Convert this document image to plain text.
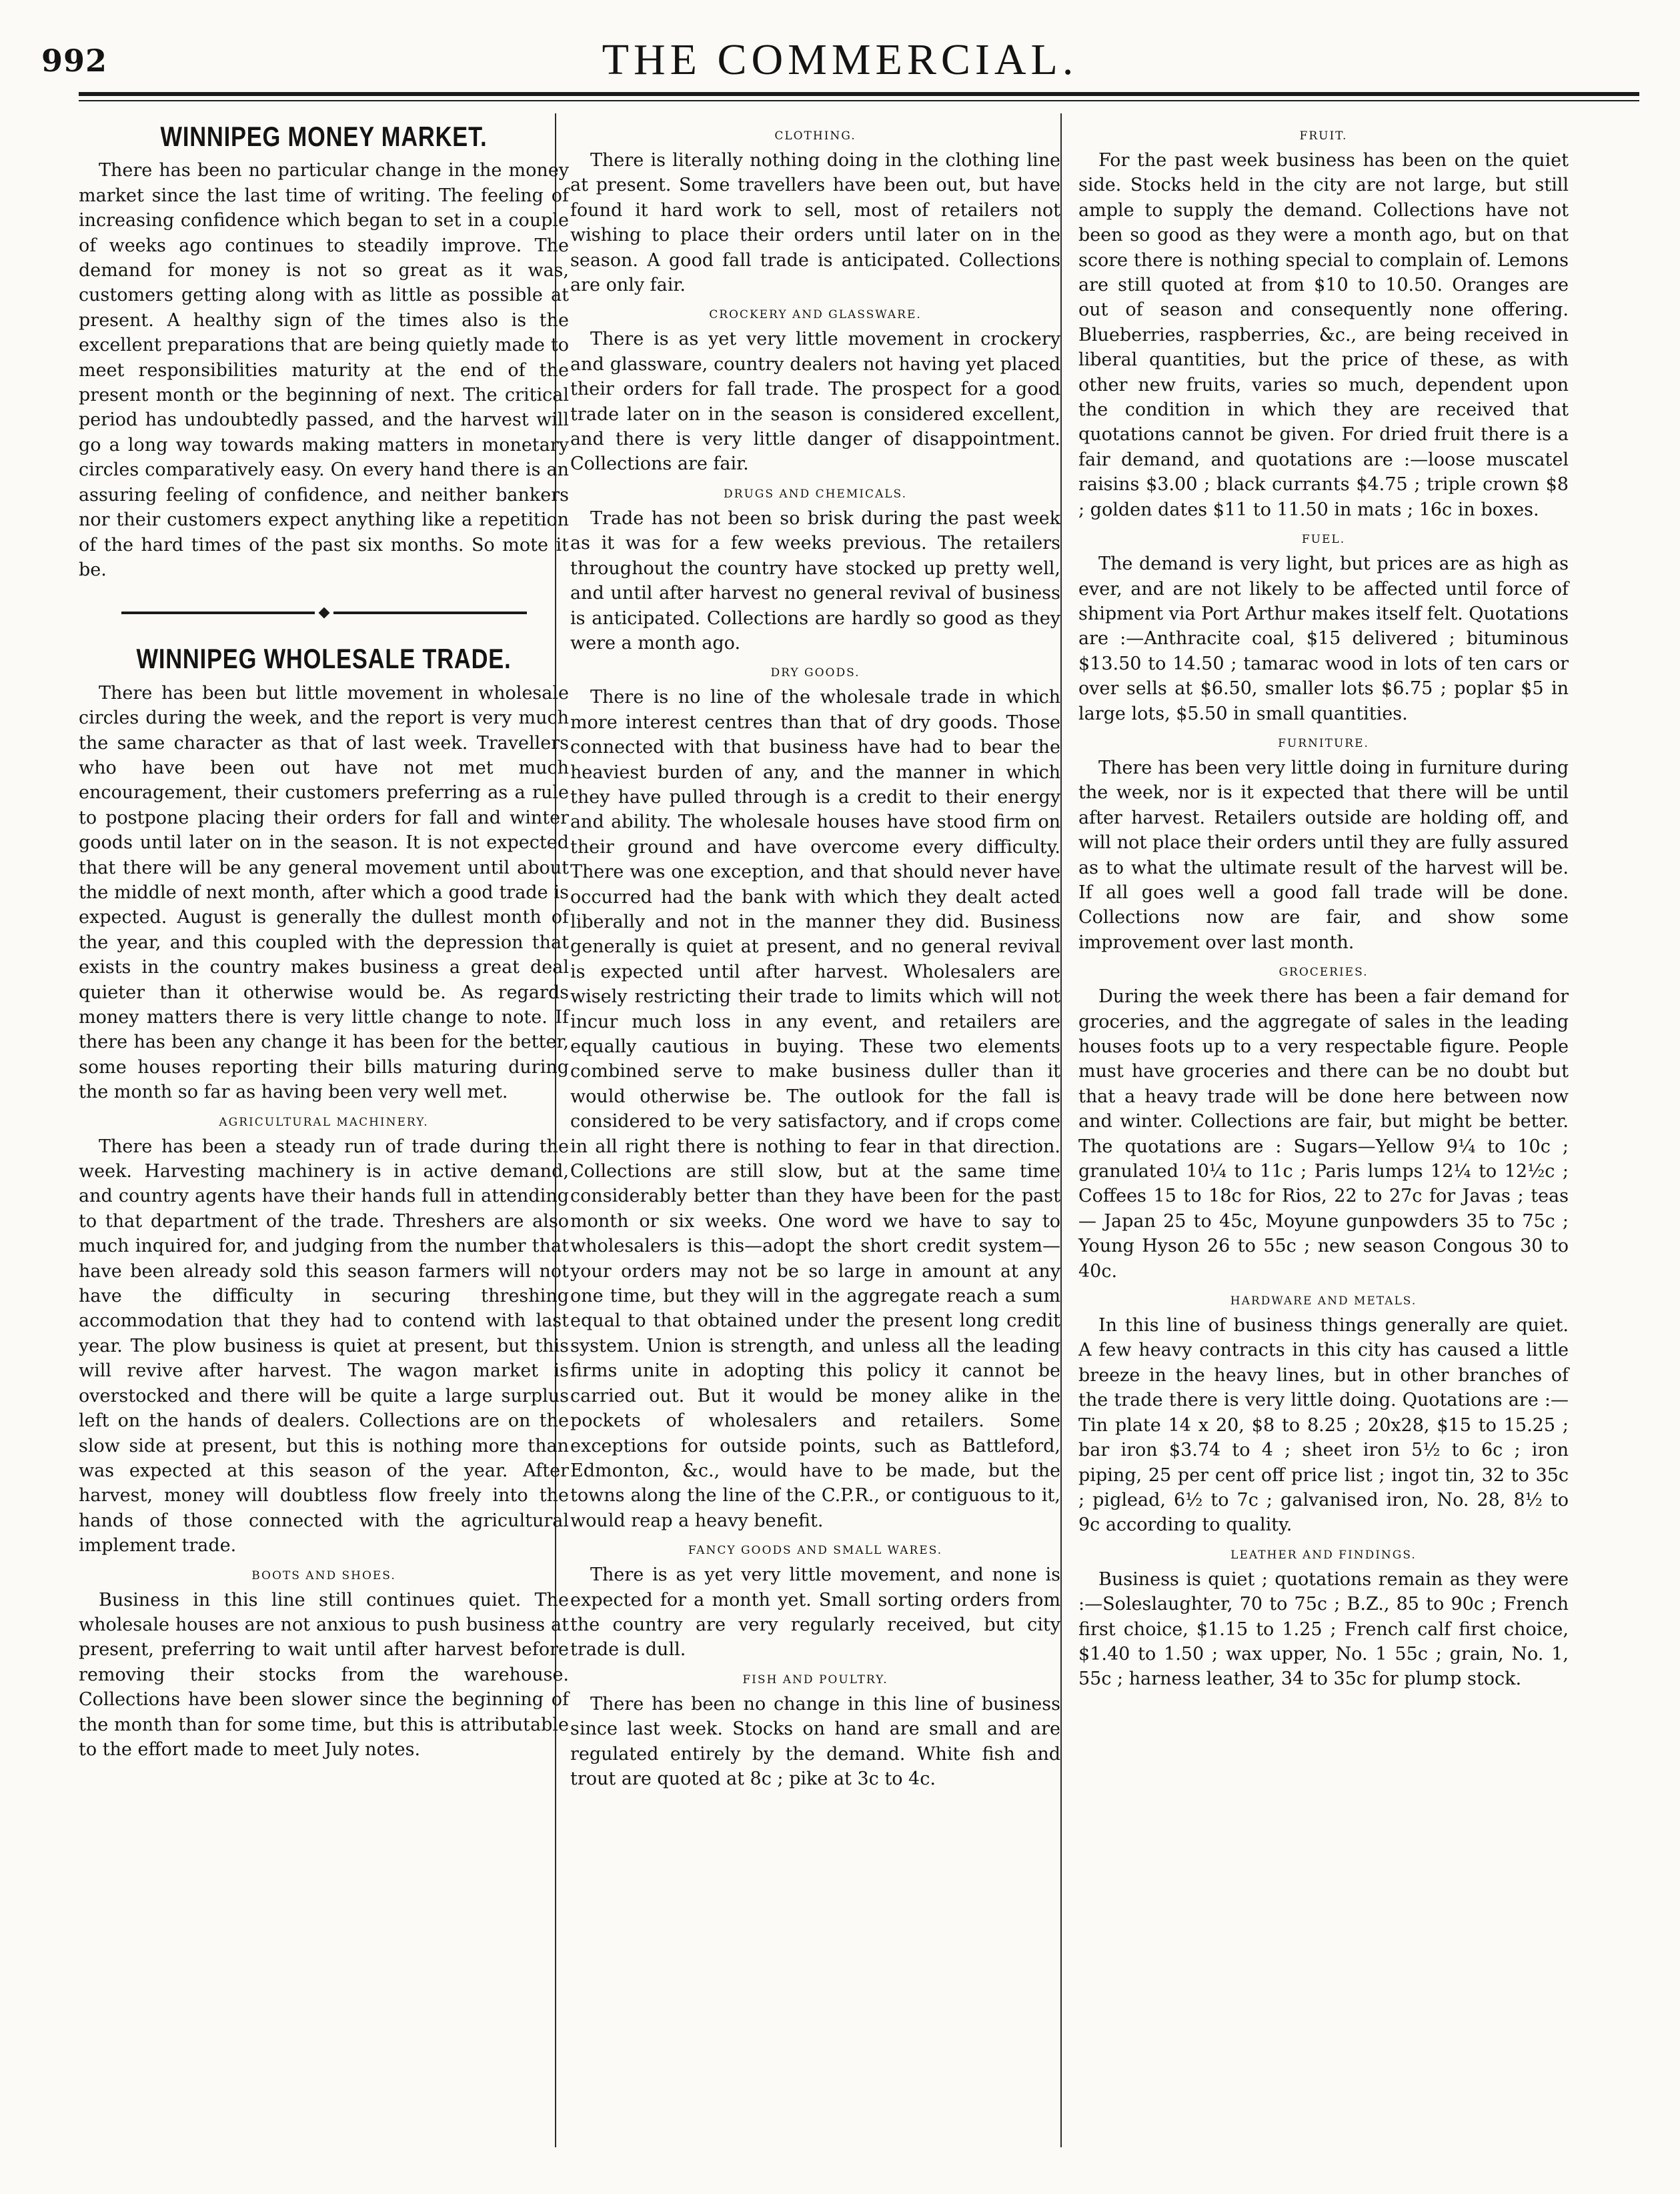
992	THE COMMERCIAL.
WINNIPEG MONEY MARKET.

There has been no particular change in the money market since the last time of writing. The feeling of increasing confidence which began to set in a couple of weeks ago continues to steadily improve. The demand for money is not so great as it was, customers getting along with as little as possible at present. A healthy sign of the times also is the excellent preparations that are being quietly made to meet responsibilities maturity at the end of the present month or the beginning of next. The critical period has undoubtedly passed, and the harvest will go a long way towards making matters in monetary circles comparatively easy. On every hand there is an assuring feeling of confidence, and neither bankers nor their customers expect anything like a repetition of the hard times of the past six months. So mote it be.

WINNIPEG WHOLESALE TRADE.

There has been but little movement in wholesale circles during the week, and the report is very much the same character as that of last week. Travellers who have been out have not met much encouragement, their customers preferring as a rule to postpone placing their orders for fall and winter goods until later on in the season. It is not expected that there will be any general movement until about the middle of next month, after which a good trade is expected. August is generally the dullest month of the year, and this coupled with the depression that exists in the country makes business a great deal quieter than it otherwise would be. As regards money matters there is very little change to note. If there has been any change it has been for the better, some houses reporting their bills maturing during the month so far as having been very well met.

AGRICULTURAL MACHINERY.

There has been a steady run of trade during the week. Harvesting machinery is in active demand, and country agents have their hands full in attending to that department of the trade. Threshers are also much inquired for, and judging from the number that have been already sold this season farmers will not have the difficulty in securing threshing accommodation that they had to contend with last year. The plow business is quiet at present, but this will revive after harvest. The wagon market is overstocked and there will be quite a large surplus left on the hands of dealers. Collections are on the slow side at present, but this is nothing more than was expected at this season of the year. After harvest, money will doubtless flow freely into the hands of those connected with the agricultural implement trade.

BOOTS AND SHOES.

Business in this line still continues quiet. The wholesale houses are not anxious to push business at present, preferring to wait until after harvest before removing their stocks from the warehouse. Collections have been slower since the beginning of the month than for some time, but this is attributable to the effort made to meet July notes.

CLOTHING.

There is literally nothing doing in the clothing line at present. Some travellers have been out, but have found it hard work to sell, most of retailers not wishing to place their orders until later on in the season. A good fall trade is anticipated. Collections are only fair.

CROCKERY AND GLASSWARE.

There is as yet very little movement in crockery and glassware, country dealers not having yet placed their orders for fall trade. The prospect for a good trade later on in the season is considered excellent, and there is very little danger of disappointment. Collections are fair.

DRUGS AND CHEMICALS.

Trade has not been so brisk during the past week as it was for a few weeks previous. The retailers throughout the country have stocked up pretty well, and until after harvest no general revival of business is anticipated. Collections are hardly so good as they were a month ago.

DRY GOODS.

There is no line of the wholesale trade in which more interest centres than that of dry goods. Those connected with that business have had to bear the heaviest burden of any, and the manner in which they have pulled through is a credit to their energy and ability. The wholesale houses have stood firm on their ground and have overcome every difficulty. There was one exception, and that should never have occurred had the bank with which they dealt acted liberally and not in the manner they did. Business generally is quiet at present, and no general revival is expected until after harvest. Wholesalers are wisely restricting their trade to limits which will not incur much loss in any event, and retailers are equally cautious in buying. These two elements combined serve to make business duller than it would otherwise be. The outlook for the fall is considered to be very satisfactory, and if crops come in all right there is nothing to fear in that direction. Collections are still slow, but at the same time considerably better than they have been for the past month or six weeks. One word we have to say to wholesalers is this—adopt the short credit system—your orders may not be so large in amount at any one time, but they will in the aggregate reach a sum equal to that obtained under the present long credit system. Union is strength, and unless all the leading firms unite in adopting this policy it cannot be carried out. But it would be money alike in the pockets of wholesalers and retailers. Some exceptions for outside points, such as Battleford, Edmonton, &c., would have to be made, but the towns along the line of the C.P.R., or contiguous to it, would reap a heavy benefit.

FANCY GOODS AND SMALL WARES.

There is as yet very little movement, and none is expected for a month yet. Small sorting orders from the country are very regularly received, but city trade is dull.

FISH AND POULTRY.

There has been no change in this line of business since last week. Stocks on hand are small and are regulated entirely by the demand. White fish and trout are quoted at 8c ; pike at 3c to 4c.

FRUIT.

For the past week business has been on the quiet side. Stocks held in the city are not large, but still ample to supply the demand. Collections have not been so good as they were a month ago, but on that score there is nothing special to complain of. Lemons are still quoted at from $10 to 10.50. Oranges are out of season and consequently none offering. Blueberries, raspberries, &c., are being received in liberal quantities, but the price of these, as with other new fruits, varies so much, dependent upon the condition in which they are received that quotations cannot be given. For dried fruit there is a fair demand, and quotations are :—loose muscatel raisins $3.00 ; black currants $4.75 ; triple crown $8 ; golden dates $11 to 11.50 in mats ; 16c in boxes.

FUEL.

The demand is very light, but prices are as high as ever, and are not likely to be affected until force of shipment via Port Arthur makes itself felt. Quotations are :—Anthracite coal, $15 delivered ; bituminous $13.50 to 14.50 ; tamarac wood in lots of ten cars or over sells at $6.50, smaller lots $6.75 ; poplar $5 in large lots, $5.50 in small quantities.

FURNITURE.

There has been very little doing in furniture during the week, nor is it expected that there will be until after harvest. Retailers outside are holding off, and will not place their orders until they are fully assured as to what the ultimate result of the harvest will be. If all goes well a good fall trade will be done. Collections now are fair, and show some improvement over last month.

GROCERIES.

During the week there has been a fair demand for groceries, and the aggregate of sales in the leading houses foots up to a very respectable figure. People must have groceries and there can be no doubt but that a heavy trade will be done here between now and winter. Collections are fair, but might be better. The quotations are : Sugars—Yellow 9¼ to 10c ; granulated 10¼ to 11c ; Paris lumps 12¼ to 12½c ; Coffees 15 to 18c for Rios, 22 to 27c for Javas ; teas — Japan 25 to 45c, Moyune gunpowders 35 to 75c ; Young Hyson 26 to 55c ; new season Congous 30 to 40c.

HARDWARE AND METALS.

In this line of business things generally are quiet. A few heavy contracts in this city has caused a little breeze in the heavy lines, but in other branches of the trade there is very little doing. Quotations are :—Tin plate 14 x 20, $8 to 8.25 ; 20x28, $15 to 15.25 ; bar iron $3.74 to 4 ; sheet iron 5½ to 6c ; iron piping, 25 per cent off price list ; ingot tin, 32 to 35c ; piglead, 6½ to 7c ; galvanised iron, No. 28, 8½ to 9c according to quality.

LEATHER AND FINDINGS.

Business is quiet ; quotations remain as they were :—Soleslaughter, 70 to 75c ; B.Z., 85 to 90c ; French first choice, $1.15 to 1.25 ; French calf first choice, $1.40 to 1.50 ; wax upper, No. 1 55c ; grain, No. 1, 55c ; harness leather, 34 to 35c for plump stock.
